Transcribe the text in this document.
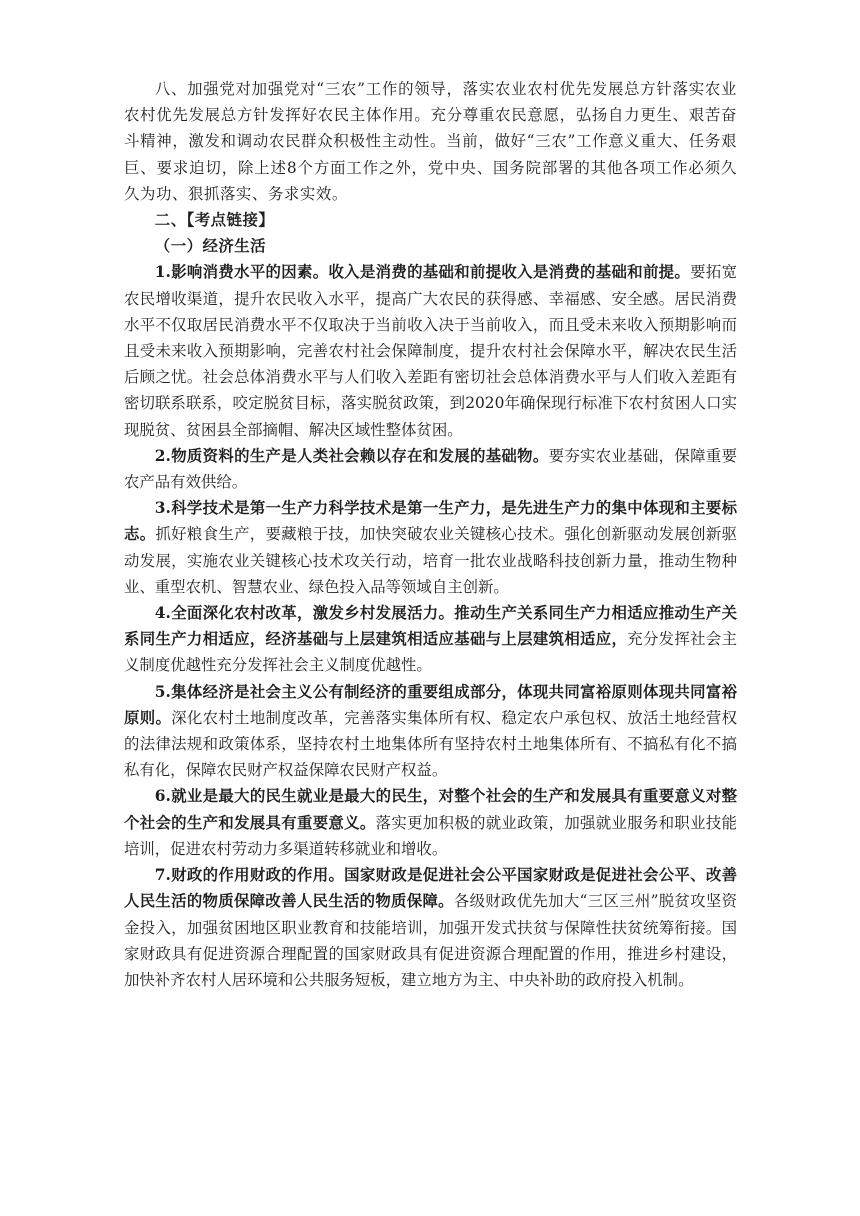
八、加强党对加强党对“三农”工作的领导，落实农业农村优先发展总方针落实农业农村优先发展总方针发挥好农民主体作用。充分尊重农民意愿，弘扬自力更生、艰苦奋斗精神，激发和调动农民群众积极性主动性。当前，做好“三农”工作意义重大、任务艰巨、要求迫切，除上述8个方面工作之外，党中央、国务院部署的其他各项工作必须久久为功、狠抓落实、务求实效。

二、【考点链接】

（一）经济生活

1.影响消费水平的因素。收入是消费的基础和前提收入是消费的基础和前提。要拓宽农民增收渠道，提升农民收入水平，提高广大农民的获得感、幸福感、安全感。居民消费水平不仅取居民消费水平不仅取决于当前收入决于当前收入，而且受未来收入预期影响而且受未来收入预期影响，完善农村社会保障制度，提升农村社会保障水平，解决农民生活后顾之忧。社会总体消费水平与人们收入差距有密切社会总体消费水平与人们收入差距有密切联系联系，咬定脱贫目标，落实脱贫政策，到2020年确保现行标准下农村贫困人口实现脱贫、贫困县全部摘帽、解决区域性整体贫困。

2.物质资料的生产是人类社会赖以存在和发展的基础物。要夯实农业基础，保障重要农产品有效供给。

3.科学技术是第一生产力科学技术是第一生产力，是先进生产力的集中体现和主要标志。抓好粮食生产，要藏粮于技，加快突破农业关键核心技术。强化创新驱动发展创新驱动发展，实施农业关键核心技术攻关行动，培育一批农业战略科技创新力量，推动生物种业、重型农机、智慧农业、绿色投入品等领域自主创新。

4.全面深化农村改革，激发乡村发展活力。推动生产关系同生产力相适应推动生产关系同生产力相适应，经济基础与上层建筑相适应基础与上层建筑相适应，充分发挥社会主义制度优越性充分发挥社会主义制度优越性。

5.集体经济是社会主义公有制经济的重要组成部分，体现共同富裕原则体现共同富裕原则。深化农村土地制度改革，完善落实集体所有权、稳定农户承包权、放活土地经营权的法律法规和政策体系，坚持农村土地集体所有坚持农村土地集体所有、不搞私有化不搞私有化，保障农民财产权益保障农民财产权益。

6.就业是最大的民生就业是最大的民生，对整个社会的生产和发展具有重要意义对整个社会的生产和发展具有重要意义。落实更加积极的就业政策，加强就业服务和职业技能培训，促进农村劳动力多渠道转移就业和增收。

7.财政的作用财政的作用。国家财政是促进社会公平国家财政是促进社会公平、改善人民生活的物质保障改善人民生活的物质保障。各级财政优先加大“三区三州”脱贫攻坚资金投入，加强贫困地区职业教育和技能培训，加强开发式扶贫与保障性扶贫统筹衔接。国家财政具有促进资源合理配置的国家财政具有促进资源合理配置的作用，推进乡村建设，加快补齐农村人居环境和公共服务短板，建立地方为主、中央补助的政府投入机制。
